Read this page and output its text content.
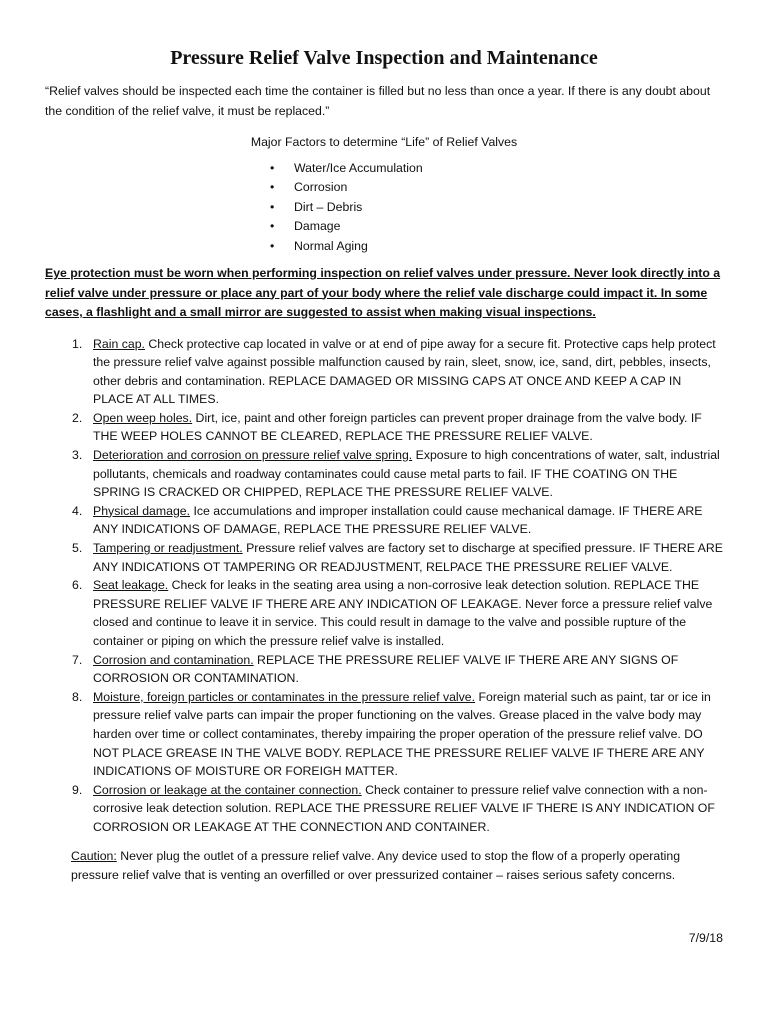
Pressure Relief Valve Inspection and Maintenance

“Relief valves should be inspected each time the container is filled but no less than once a year. If there is any doubt about the condition of the relief valve, it must be replaced.”

Major Factors to determine “Life” of Relief Valves

• Water/Ice Accumulation
• Corrosion
• Dirt – Debris
• Damage
• Normal Aging

Eye protection must be worn when performing inspection on relief valves under pressure. Never look directly into a relief valve under pressure or place any part of your body where the relief vale discharge could impact it. In some cases, a flashlight and a small mirror are suggested to assist when making visual inspections.

1. Rain cap. Check protective cap located in valve or at end of pipe away for a secure fit. Protective caps help protect the pressure relief valve against possible malfunction caused by rain, sleet, snow, ice, sand, dirt, pebbles, insects, other debris and contamination. REPLACE DAMAGED OR MISSING CAPS AT ONCE AND KEEP A CAP IN PLACE AT ALL TIMES.
2. Open weep holes. Dirt, ice, paint and other foreign particles can prevent proper drainage from the valve body. IF THE WEEP HOLES CANNOT BE CLEARED, REPLACE THE PRESSURE RELIEF VALVE.
3. Deterioration and corrosion on pressure relief valve spring. Exposure to high concentrations of water, salt, industrial pollutants, chemicals and roadway contaminates could cause metal parts to fail. IF THE COATING ON THE SPRING IS CRACKED OR CHIPPED, REPLACE THE PRESSURE RELIEF VALVE.
4. Physical damage. Ice accumulations and improper installation could cause mechanical damage. IF THERE ARE ANY INDICATIONS OF DAMAGE, REPLACE THE PRESSURE RELIEF VALVE.
5. Tampering or readjustment. Pressure relief valves are factory set to discharge at specified pressure. IF THERE ARE ANY INDICATIONS OT TAMPERING OR READJUSTMENT, RELPACE THE PRESSURE RELIEF VALVE.
6. Seat leakage. Check for leaks in the seating area using a non-corrosive leak detection solution. REPLACE THE PRESSURE RELIEF VALVE IF THERE ARE ANY INDICATION OF LEAKAGE. Never force a pressure relief valve closed and continue to leave it in service. This could result in damage to the valve and possible rupture of the container or piping on which the pressure relief valve is installed.
7. Corrosion and contamination. REPLACE THE PRESSURE RELIEF VALVE IF THERE ARE ANY SIGNS OF CORROSION OR CONTAMINATION.
8. Moisture, foreign particles or contaminates in the pressure relief valve. Foreign material such as paint, tar or ice in pressure relief valve parts can impair the proper functioning on the valves. Grease placed in the valve body may harden over time or collect contaminates, thereby impairing the proper operation of the pressure relief valve. DO NOT PLACE GREASE IN THE VALVE BODY. REPLACE THE PRESSURE RELIEF VALVE IF THERE ARE ANY INDICATIONS OF MOISTURE OR FOREIGH MATTER.
9. Corrosion or leakage at the container connection. Check container to pressure relief valve connection with a non-corrosive leak detection solution. REPLACE THE PRESSURE RELIEF VALVE IF THERE IS ANY INDICATION OF CORROSION OR LEAKAGE AT THE CONNECTION AND CONTAINER.

Caution: Never plug the outlet of a pressure relief valve. Any device used to stop the flow of a properly operating pressure relief valve that is venting an overfilled or over pressurized container – raises serious safety concerns.

7/9/18
